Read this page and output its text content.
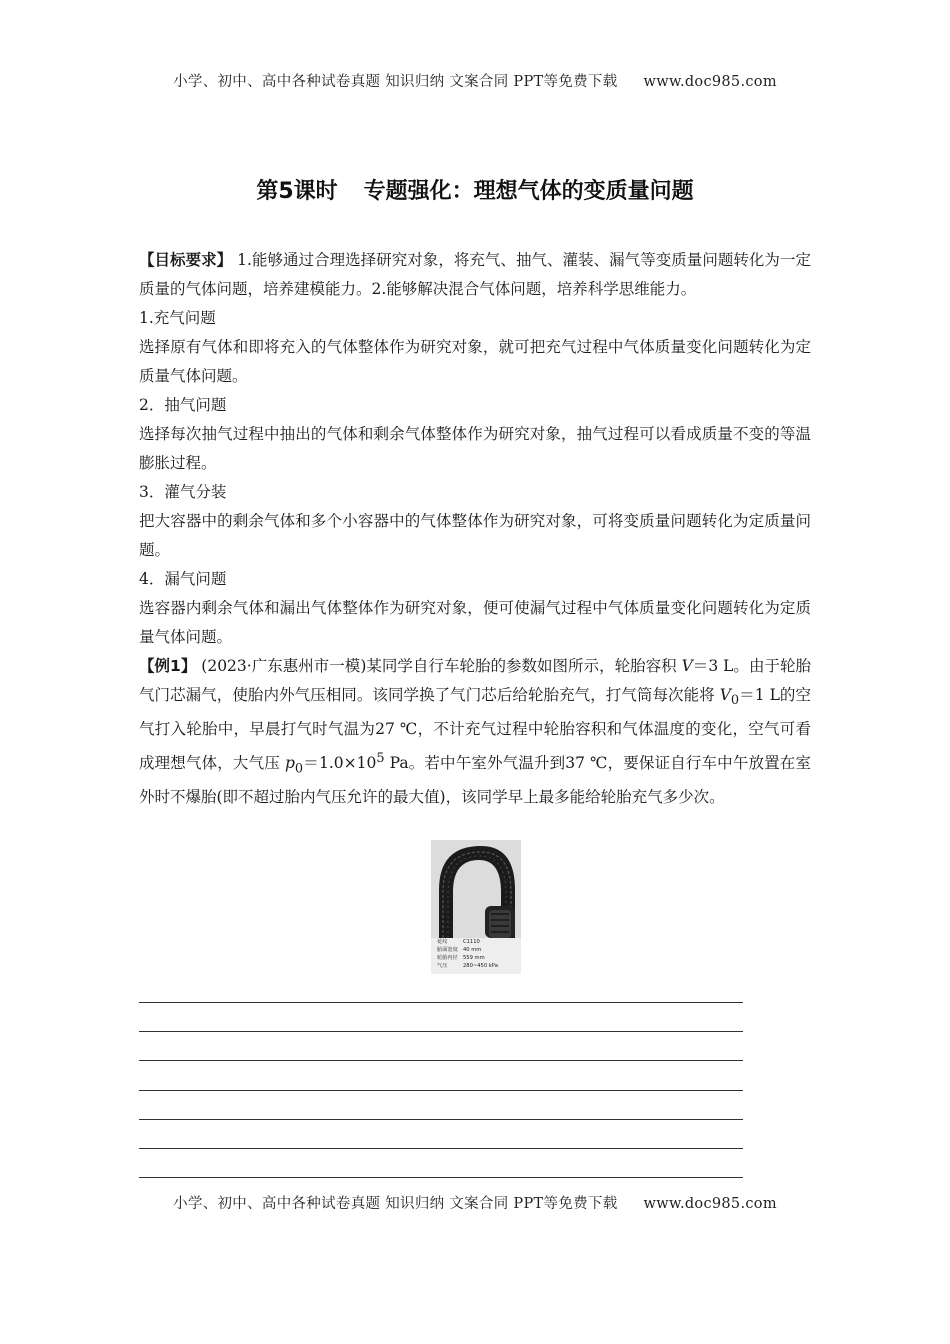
小学、初中、高中各种试卷真题 知识归纳 文案合同 PPT等免费下载 www.doc985.com
第5课时 专题强化：理想气体的变质量问题

【目标要求】 1.能够通过合理选择研究对象，将充气、抽气、灌装、漏气等变质量问题转化为一定质量的气体问题，培养建模能力。2.能够解决混合气体问题，培养科学思维能力。

1.充气问题

选择原有气体和即将充入的气体整体作为研究对象，就可把充气过程中气体质量变化问题转化为定质量气体问题。

2．抽气问题

选择每次抽气过程中抽出的气体和剩余气体整体作为研究对象，抽气过程可以看成质量不变的等温膨胀过程。

3．灌气分装

把大容器中的剩余气体和多个小容器中的气体整体作为研究对象，可将变质量问题转化为定质量问题。

4．漏气问题

选容器内剩余气体和漏出气体整体作为研究对象，便可使漏气过程中气体质量变化问题转化为定质量气体问题。

【例1】 (2023·广东惠州市一模)某同学自行车轮胎的参数如图所示，轮胎容积 V＝3 L。由于轮胎气门芯漏气，使胎内外气压相同。该同学换了气门芯后给轮胎充气，打气筒每次能将 $V_0=1$ L的空气打入轮胎中，早晨打气时气温为27 ℃，不计充气过程中轮胎容积和气体温度的变化，空气可看成理想气体，大气压 $p_0=1.0\times 10^5$ Pa。若中午室外气温升到37 ℃，要保证自行车中午放置在室外时不爆胎(即不超过胎内气压允许的最大值)，该同学早上最多能给轮胎充气多少次。

花纹	C1110
胎面宽度	40 mm
轮胎内径	559 mm
气压	280~450 kPa
小学、初中、高中各种试卷真题 知识归纳 文案合同 PPT等免费下载 www.doc985.com
